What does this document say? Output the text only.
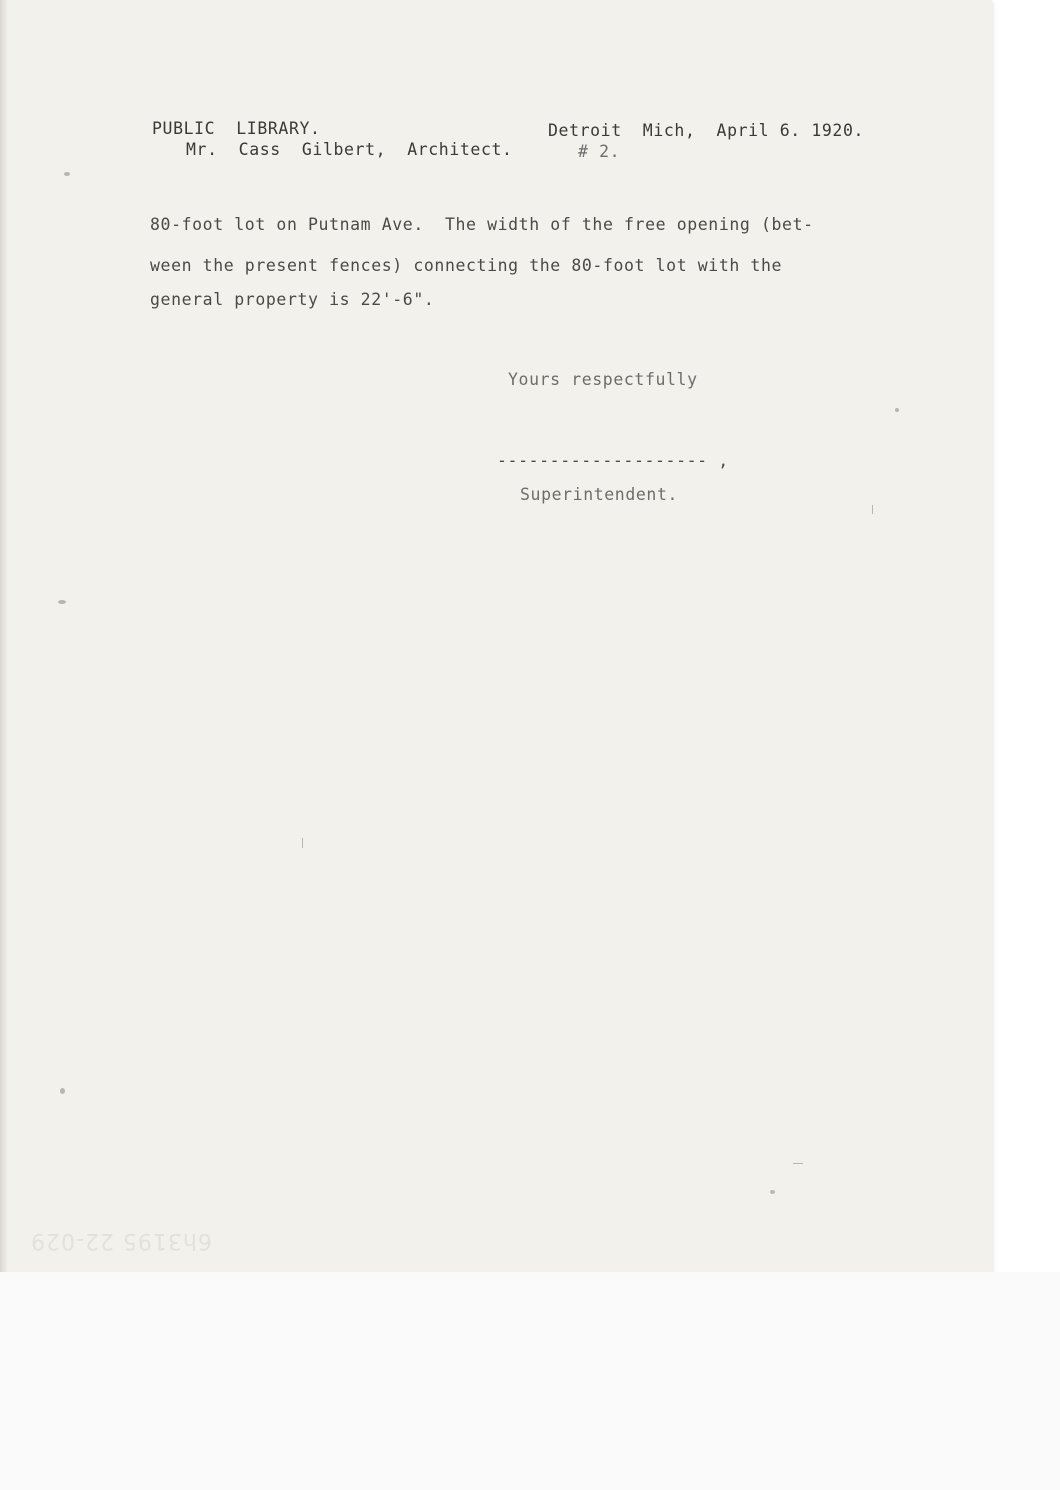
PUBLIC  LIBRARY.	Detroit  Mich,  April 6. 1920.
Mr.  Cass  Gilbert,  Architect.	# 2.
80-foot lot on Putnam Ave.  The width of the free opening (bet-
ween the present fences) connecting the 80-foot lot with the
general property is 22'-6".
Yours respectfully
-------------------- ,
Superintendent.
6h3195 22-029
